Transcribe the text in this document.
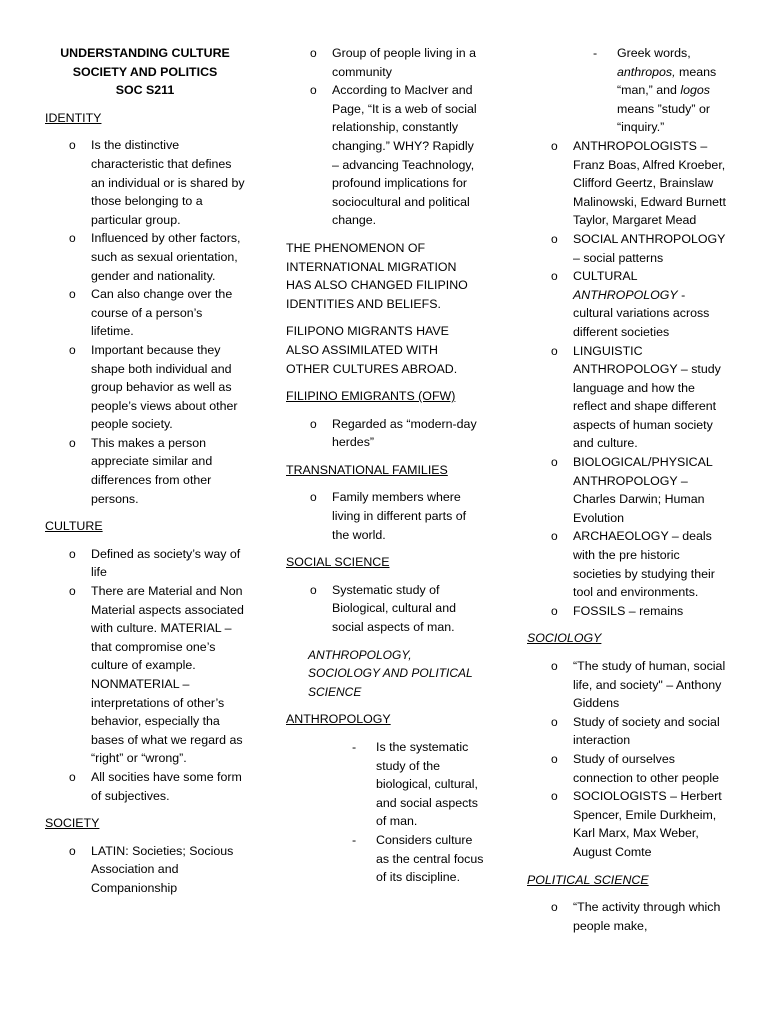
UNDERSTANDING CULTURE

SOCIETY AND POLITICS

SOC S211

IDENTITY

o Is the distinctive characteristic that defines an individual or is shared by those belonging to a particular group.
o Influenced by other factors, such as sexual orientation, gender and nationality.
o Can also change over the course of a person’s lifetime.
o Important because they shape both individual and group behavior as well as people’s views about other people society.
o This makes a person appreciate similar and differences from other persons.

CULTURE

o Defined as society’s way of life
o There are Material and Non Material aspects associated with culture. MATERIAL – that compromise one’s culture of example. NONMATERIAL – interpretations of other’s behavior, especially tha bases of what we regard as “right” or “wrong”.
o All socities have some form of subjectives.

SOCIETY

o LATIN: Societies; Socious Association and Companionship
o Group of people living in a community
o According to MacIver and Page, “It is a web of social relationship, constantly changing.” WHY? Rapidly – advancing Teachnology, profound implications for sociocultural and political change.

THE PHENOMENON OF INTERNATIONAL MIGRATION HAS ALSO CHANGED FILIPINO IDENTITIES AND BELIEFS.

FILIPONO MIGRANTS HAVE ALSO ASSIMILATED WITH OTHER CULTURES ABROAD.

FILIPINO EMIGRANTS (OFW)

o Regarded as “modern-day herdes”

TRANSNATIONAL FAMILIES

o Family members where living in different parts of the world.

SOCIAL SCIENCE

o Systematic study of Biological, cultural and social aspects of man.

ANTHROPOLOGY, SOCIOLOGY AND POLITICAL SCIENCE

ANTHROPOLOGY

- Is the systematic study of the biological, cultural, and social aspects of man.
- Considers culture as the central focus of its discipline.
- Greek words, anthropos, means “man,” and logos means ”study” or “inquiry.”
o ANTHROPOLOGISTS – Franz Boas, Alfred Kroeber, Clifford Geertz, Brainslaw Malinowski, Edward Burnett Taylor, Margaret Mead
o SOCIAL ANTHROPOLOGY – social patterns
o CULTURAL
ANTHROPOLOGY - cultural variations across different societies
o LINGUISTIC ANTHROPOLOGY – study language and how the reflect and shape different aspects of human society and culture.
o BIOLOGICAL/PHYSICAL ANTHROPOLOGY – Charles Darwin; Human Evolution
o ARCHAEOLOGY – deals with the pre historic societies by studying their tool and environments.
o FOSSILS – remains

SOCIOLOGY

o “The study of human, social life, and society" – Anthony Giddens
o Study of society and social interaction
o Study of ourselves connection to other people
o SOCIOLOGISTS – Herbert Spencer, Emile Durkheim, Karl Marx, Max Weber, August Comte

POLITICAL SCIENCE

o “The activity through which people make,
